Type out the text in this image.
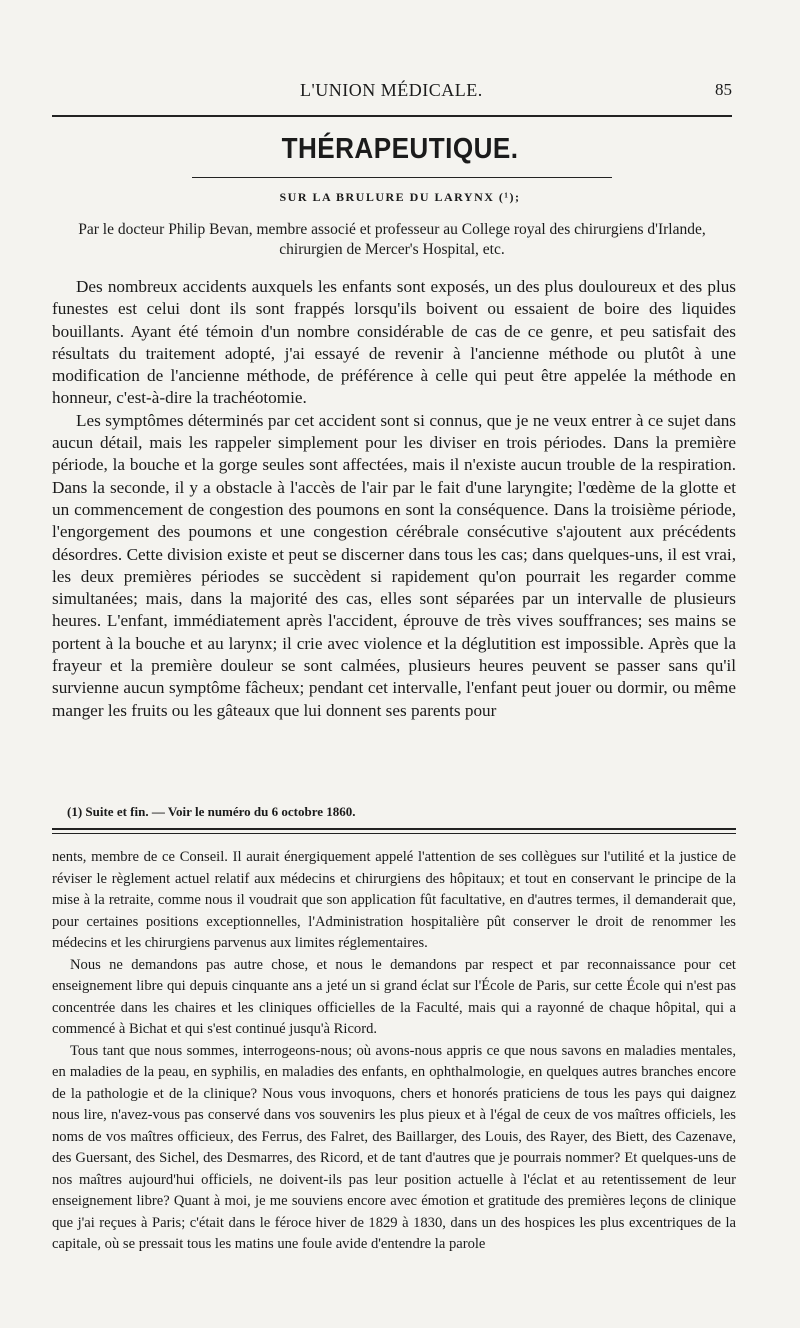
L'UNION MÉDICALE.	85
THÉRAPEUTIQUE.
SUR LA BRULURE DU LARYNX (¹);
Par le docteur Philip Bevan, membre associé et professeur au College royal des chirurgiens d'Irlande, chirurgien de Mercer's Hospital, etc.

Des nombreux accidents auxquels les enfants sont exposés, un des plus douloureux et des plus funestes est celui dont ils sont frappés lorsqu'ils boivent ou essaient de boire des liquides bouillants. Ayant été témoin d'un nombre considérable de cas de ce genre, et peu satisfait des résultats du traitement adopté, j'ai essayé de revenir à l'ancienne méthode ou plutôt à une modification de l'ancienne méthode, de préférence à celle qui peut être appelée la méthode en honneur, c'est-à-dire la trachéotomie.

Les symptômes déterminés par cet accident sont si connus, que je ne veux entrer à ce sujet dans aucun détail, mais les rappeler simplement pour les diviser en trois périodes. Dans la première période, la bouche et la gorge seules sont affectées, mais il n'existe aucun trouble de la respiration. Dans la seconde, il y a obstacle à l'accès de l'air par le fait d'une laryngite; l'œdème de la glotte et un commencement de congestion des poumons en sont la conséquence. Dans la troisième période, l'engorgement des poumons et une congestion cérébrale consécutive s'ajoutent aux précédents désordres. Cette division existe et peut se discerner dans tous les cas; dans quelques-uns, il est vrai, les deux premières périodes se succèdent si rapidement qu'on pourrait les regarder comme simultanées; mais, dans la majorité des cas, elles sont séparées par un intervalle de plusieurs heures. L'enfant, immédiatement après l'accident, éprouve de très vives souffrances; ses mains se portent à la bouche et au larynx; il crie avec violence et la déglutition est impossible. Après que la frayeur et la première douleur se sont calmées, plusieurs heures peuvent se passer sans qu'il survienne aucun symptôme fâcheux; pendant cet intervalle, l'enfant peut jouer ou dormir, ou même manger les fruits ou les gâteaux que lui donnent ses parents pour

(1) Suite et fin. — Voir le numéro du 6 octobre 1860.

nents, membre de ce Conseil. Il aurait énergiquement appelé l'attention de ses collègues sur l'utilité et la justice de réviser le règlement actuel relatif aux médecins et chirurgiens des hôpitaux; et tout en conservant le principe de la mise à la retraite, comme nous il voudrait que son application fût facultative, en d'autres termes, il demanderait que, pour certaines positions exceptionnelles, l'Administration hospitalière pût conserver le droit de renommer les médecins et les chirurgiens parvenus aux limites réglementaires.

Nous ne demandons pas autre chose, et nous le demandons par respect et par reconnaissance pour cet enseignement libre qui depuis cinquante ans a jeté un si grand éclat sur l'École de Paris, sur cette École qui n'est pas concentrée dans les chaires et les cliniques officielles de la Faculté, mais qui a rayonné de chaque hôpital, qui a commencé à Bichat et qui s'est continué jusqu'à Ricord.

Tous tant que nous sommes, interrogeons-nous; où avons-nous appris ce que nous savons en maladies mentales, en maladies de la peau, en syphilis, en maladies des enfants, en ophthalmologie, en quelques autres branches encore de la pathologie et de la clinique? Nous vous invoquons, chers et honorés praticiens de tous les pays qui daignez nous lire, n'avez-vous pas conservé dans vos souvenirs les plus pieux et à l'égal de ceux de vos maîtres officiels, les noms de vos maîtres officieux, des Ferrus, des Falret, des Baillarger, des Louis, des Rayer, des Biett, des Cazenave, des Guersant, des Sichel, des Desmarres, des Ricord, et de tant d'autres que je pourrais nommer? Et quelques-uns de nos maîtres aujourd'hui officiels, ne doivent-ils pas leur position actuelle à l'éclat et au retentissement de leur enseignement libre? Quant à moi, je me souviens encore avec émotion et gratitude des premières leçons de clinique que j'ai reçues à Paris; c'était dans le féroce hiver de 1829 à 1830, dans un des hospices les plus excentriques de la capitale, où se pressait tous les matins une foule avide d'entendre la parole
